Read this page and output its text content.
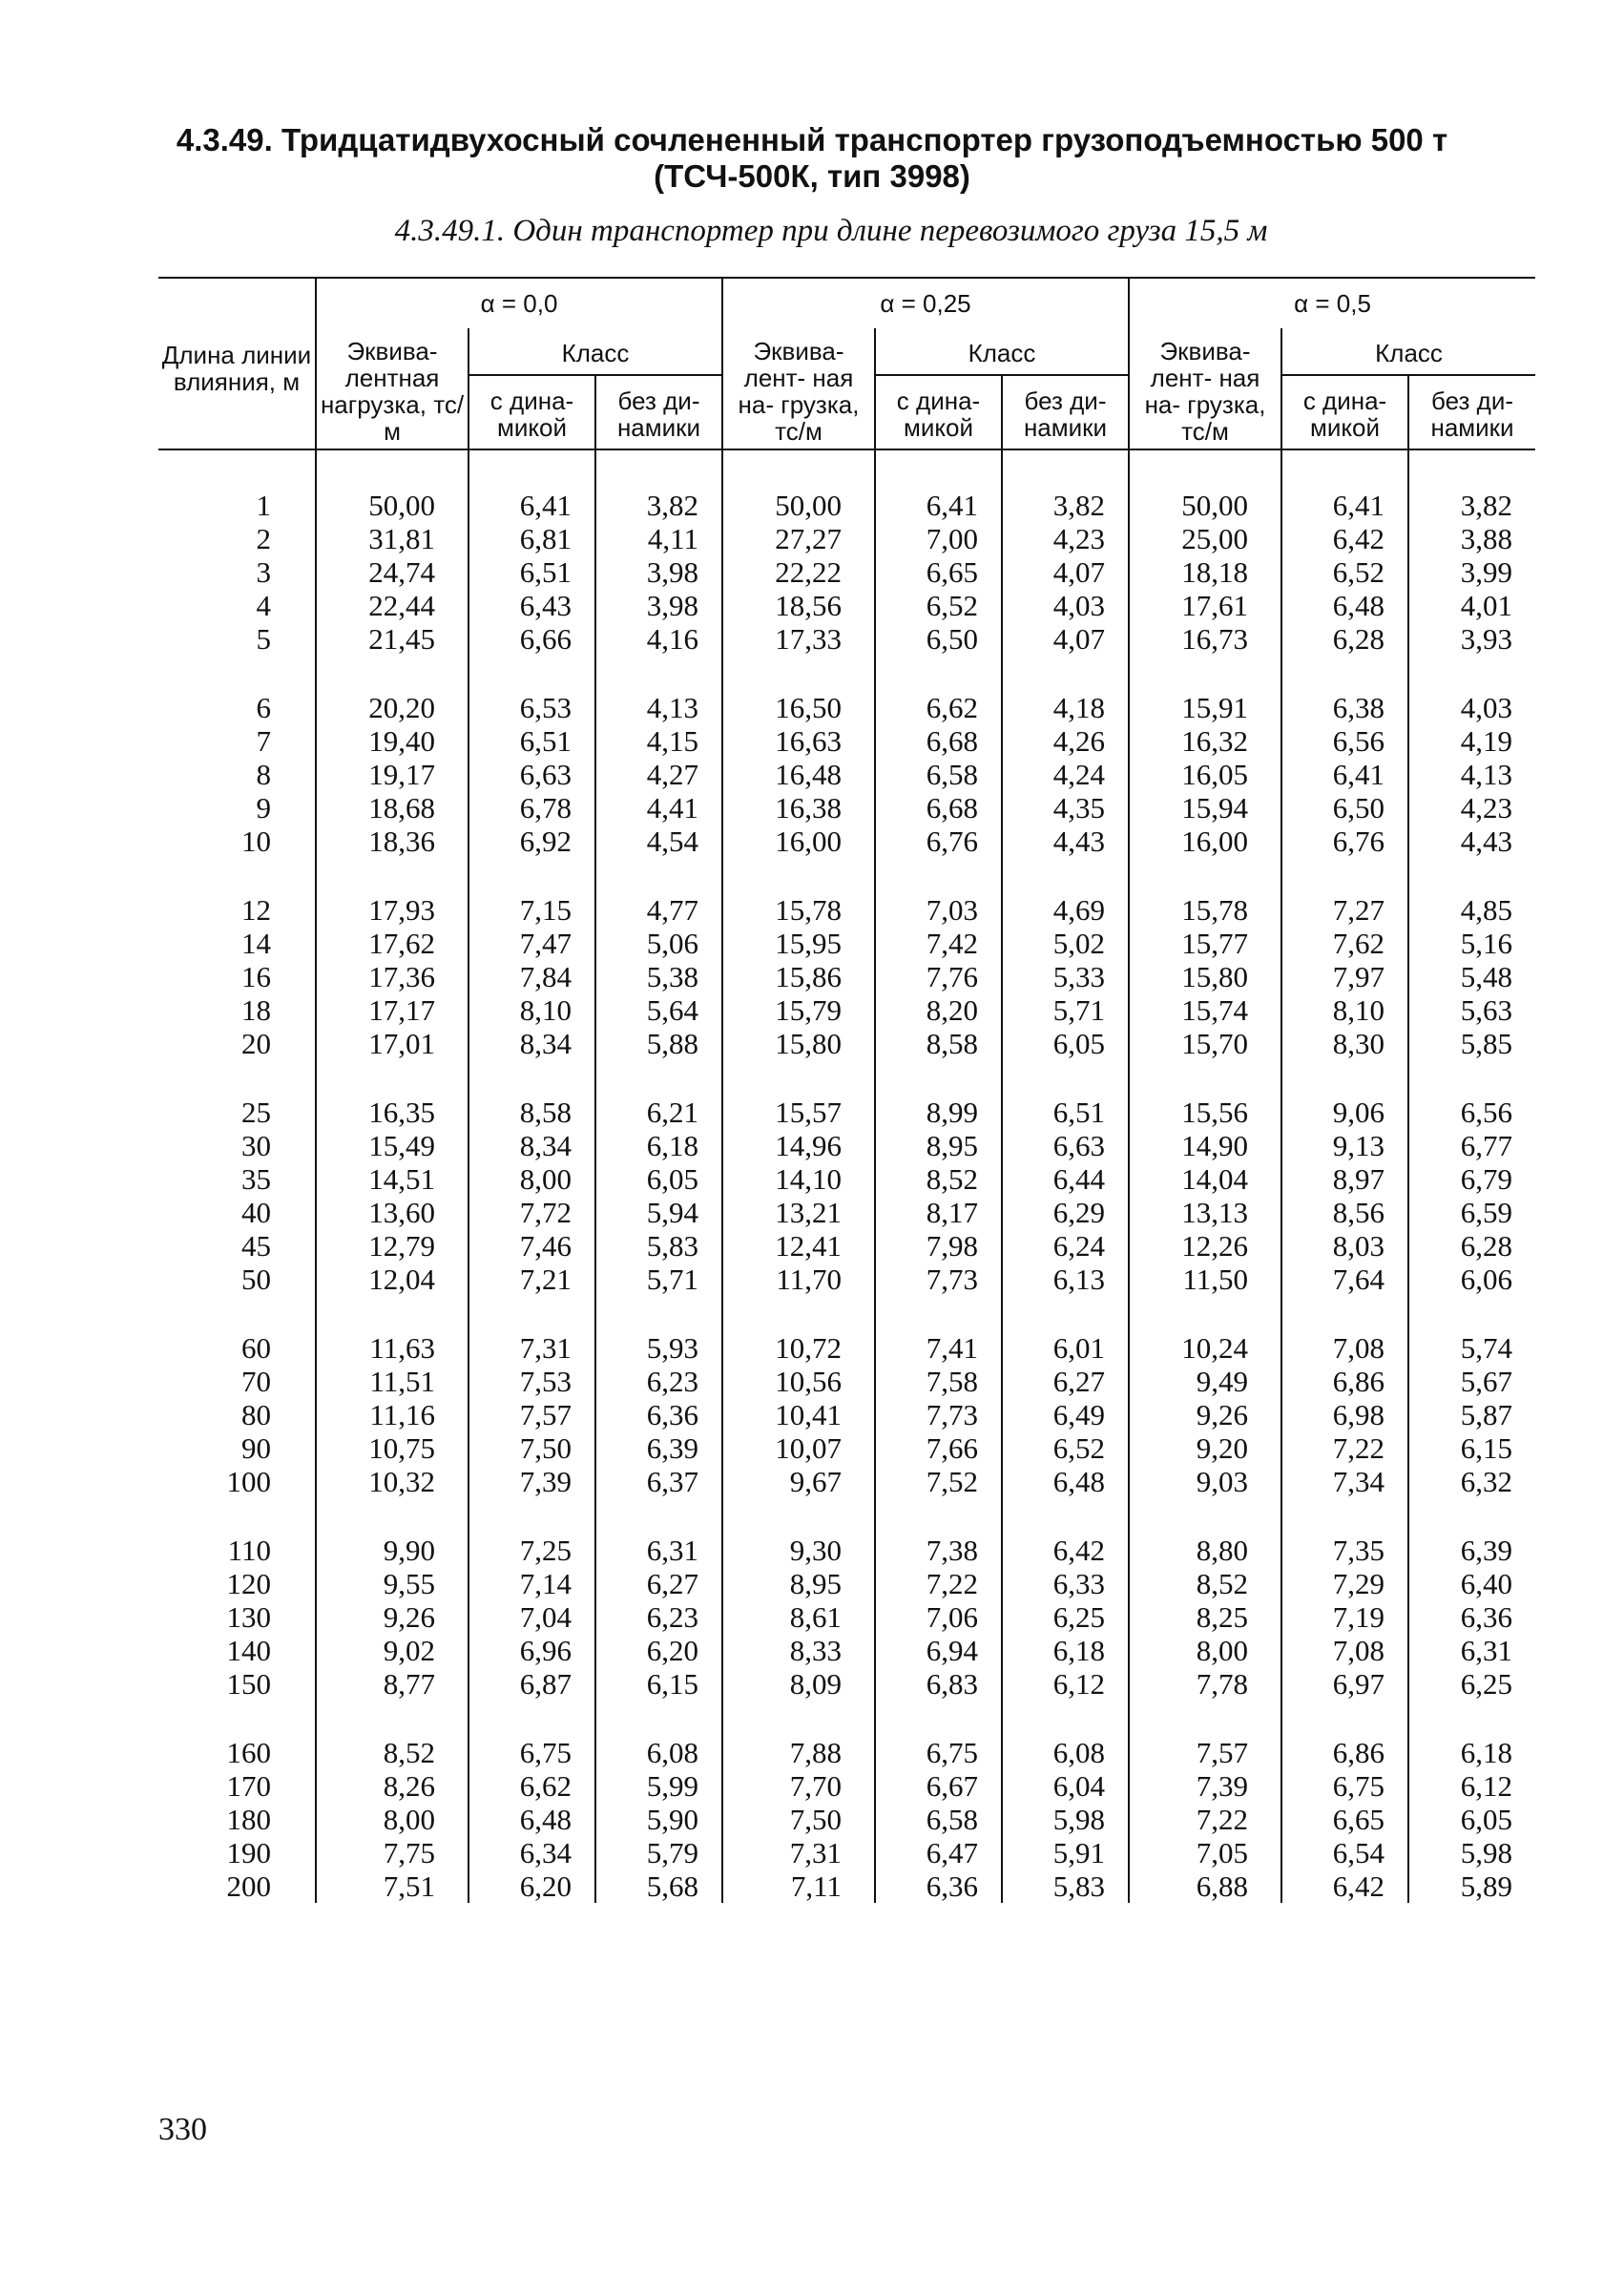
4.3.49. Тридцатидвухосный сочлененный транспортер грузоподъемностью 500 т
(ТСЧ-500К, тип 3998)
4.3.49.1. Один транспортер при длине перевозимого груза 15,5 м
Длина линии влияния, м	α = 0,0			α = 0,25			α = 0,5		
	Эквива- лентная нагрузка, тс/м	Класс		Эквива- лент- ная на- грузка, тс/м	Класс		Эквива- лент- ная на- грузка, тс/м	Класс	
		с дина- микой	без ди- намики		с дина- микой	без ди- намики		с дина- микой	без ди- намики

1	50,00	6,41	3,82	50,00	6,41	3,82	50,00	6,41	3,82
2	31,81	6,81	4,11	27,27	7,00	4,23	25,00	6,42	3,88
3	24,74	6,51	3,98	22,22	6,65	4,07	18,18	6,52	3,99
4	22,44	6,43	3,98	18,56	6,52	4,03	17,61	6,48	4,01
5	21,45	6,66	4,16	17,33	6,50	4,07	16,73	6,28	3,93

6	20,20	6,53	4,13	16,50	6,62	4,18	15,91	6,38	4,03
7	19,40	6,51	4,15	16,63	6,68	4,26	16,32	6,56	4,19
8	19,17	6,63	4,27	16,48	6,58	4,24	16,05	6,41	4,13
9	18,68	6,78	4,41	16,38	6,68	4,35	15,94	6,50	4,23
10	18,36	6,92	4,54	16,00	6,76	4,43	16,00	6,76	4,43

12	17,93	7,15	4,77	15,78	7,03	4,69	15,78	7,27	4,85
14	17,62	7,47	5,06	15,95	7,42	5,02	15,77	7,62	5,16
16	17,36	7,84	5,38	15,86	7,76	5,33	15,80	7,97	5,48
18	17,17	8,10	5,64	15,79	8,20	5,71	15,74	8,10	5,63
20	17,01	8,34	5,88	15,80	8,58	6,05	15,70	8,30	5,85

25	16,35	8,58	6,21	15,57	8,99	6,51	15,56	9,06	6,56
30	15,49	8,34	6,18	14,96	8,95	6,63	14,90	9,13	6,77
35	14,51	8,00	6,05	14,10	8,52	6,44	14,04	8,97	6,79
40	13,60	7,72	5,94	13,21	8,17	6,29	13,13	8,56	6,59
45	12,79	7,46	5,83	12,41	7,98	6,24	12,26	8,03	6,28
50	12,04	7,21	5,71	11,70	7,73	6,13	11,50	7,64	6,06

60	11,63	7,31	5,93	10,72	7,41	6,01	10,24	7,08	5,74
70	11,51	7,53	6,23	10,56	7,58	6,27	9,49	6,86	5,67
80	11,16	7,57	6,36	10,41	7,73	6,49	9,26	6,98	5,87
90	10,75	7,50	6,39	10,07	7,66	6,52	9,20	7,22	6,15
100	10,32	7,39	6,37	9,67	7,52	6,48	9,03	7,34	6,32

110	9,90	7,25	6,31	9,30	7,38	6,42	8,80	7,35	6,39
120	9,55	7,14	6,27	8,95	7,22	6,33	8,52	7,29	6,40
130	9,26	7,04	6,23	8,61	7,06	6,25	8,25	7,19	6,36
140	9,02	6,96	6,20	8,33	6,94	6,18	8,00	7,08	6,31
150	8,77	6,87	6,15	8,09	6,83	6,12	7,78	6,97	6,25

160	8,52	6,75	6,08	7,88	6,75	6,08	7,57	6,86	6,18
170	8,26	6,62	5,99	7,70	6,67	6,04	7,39	6,75	6,12
180	8,00	6,48	5,90	7,50	6,58	5,98	7,22	6,65	6,05
190	7,75	6,34	5,79	7,31	6,47	5,91	7,05	6,54	5,98
200	7,51	6,20	5,68	7,11	6,36	5,83	6,88	6,42	5,89
330
